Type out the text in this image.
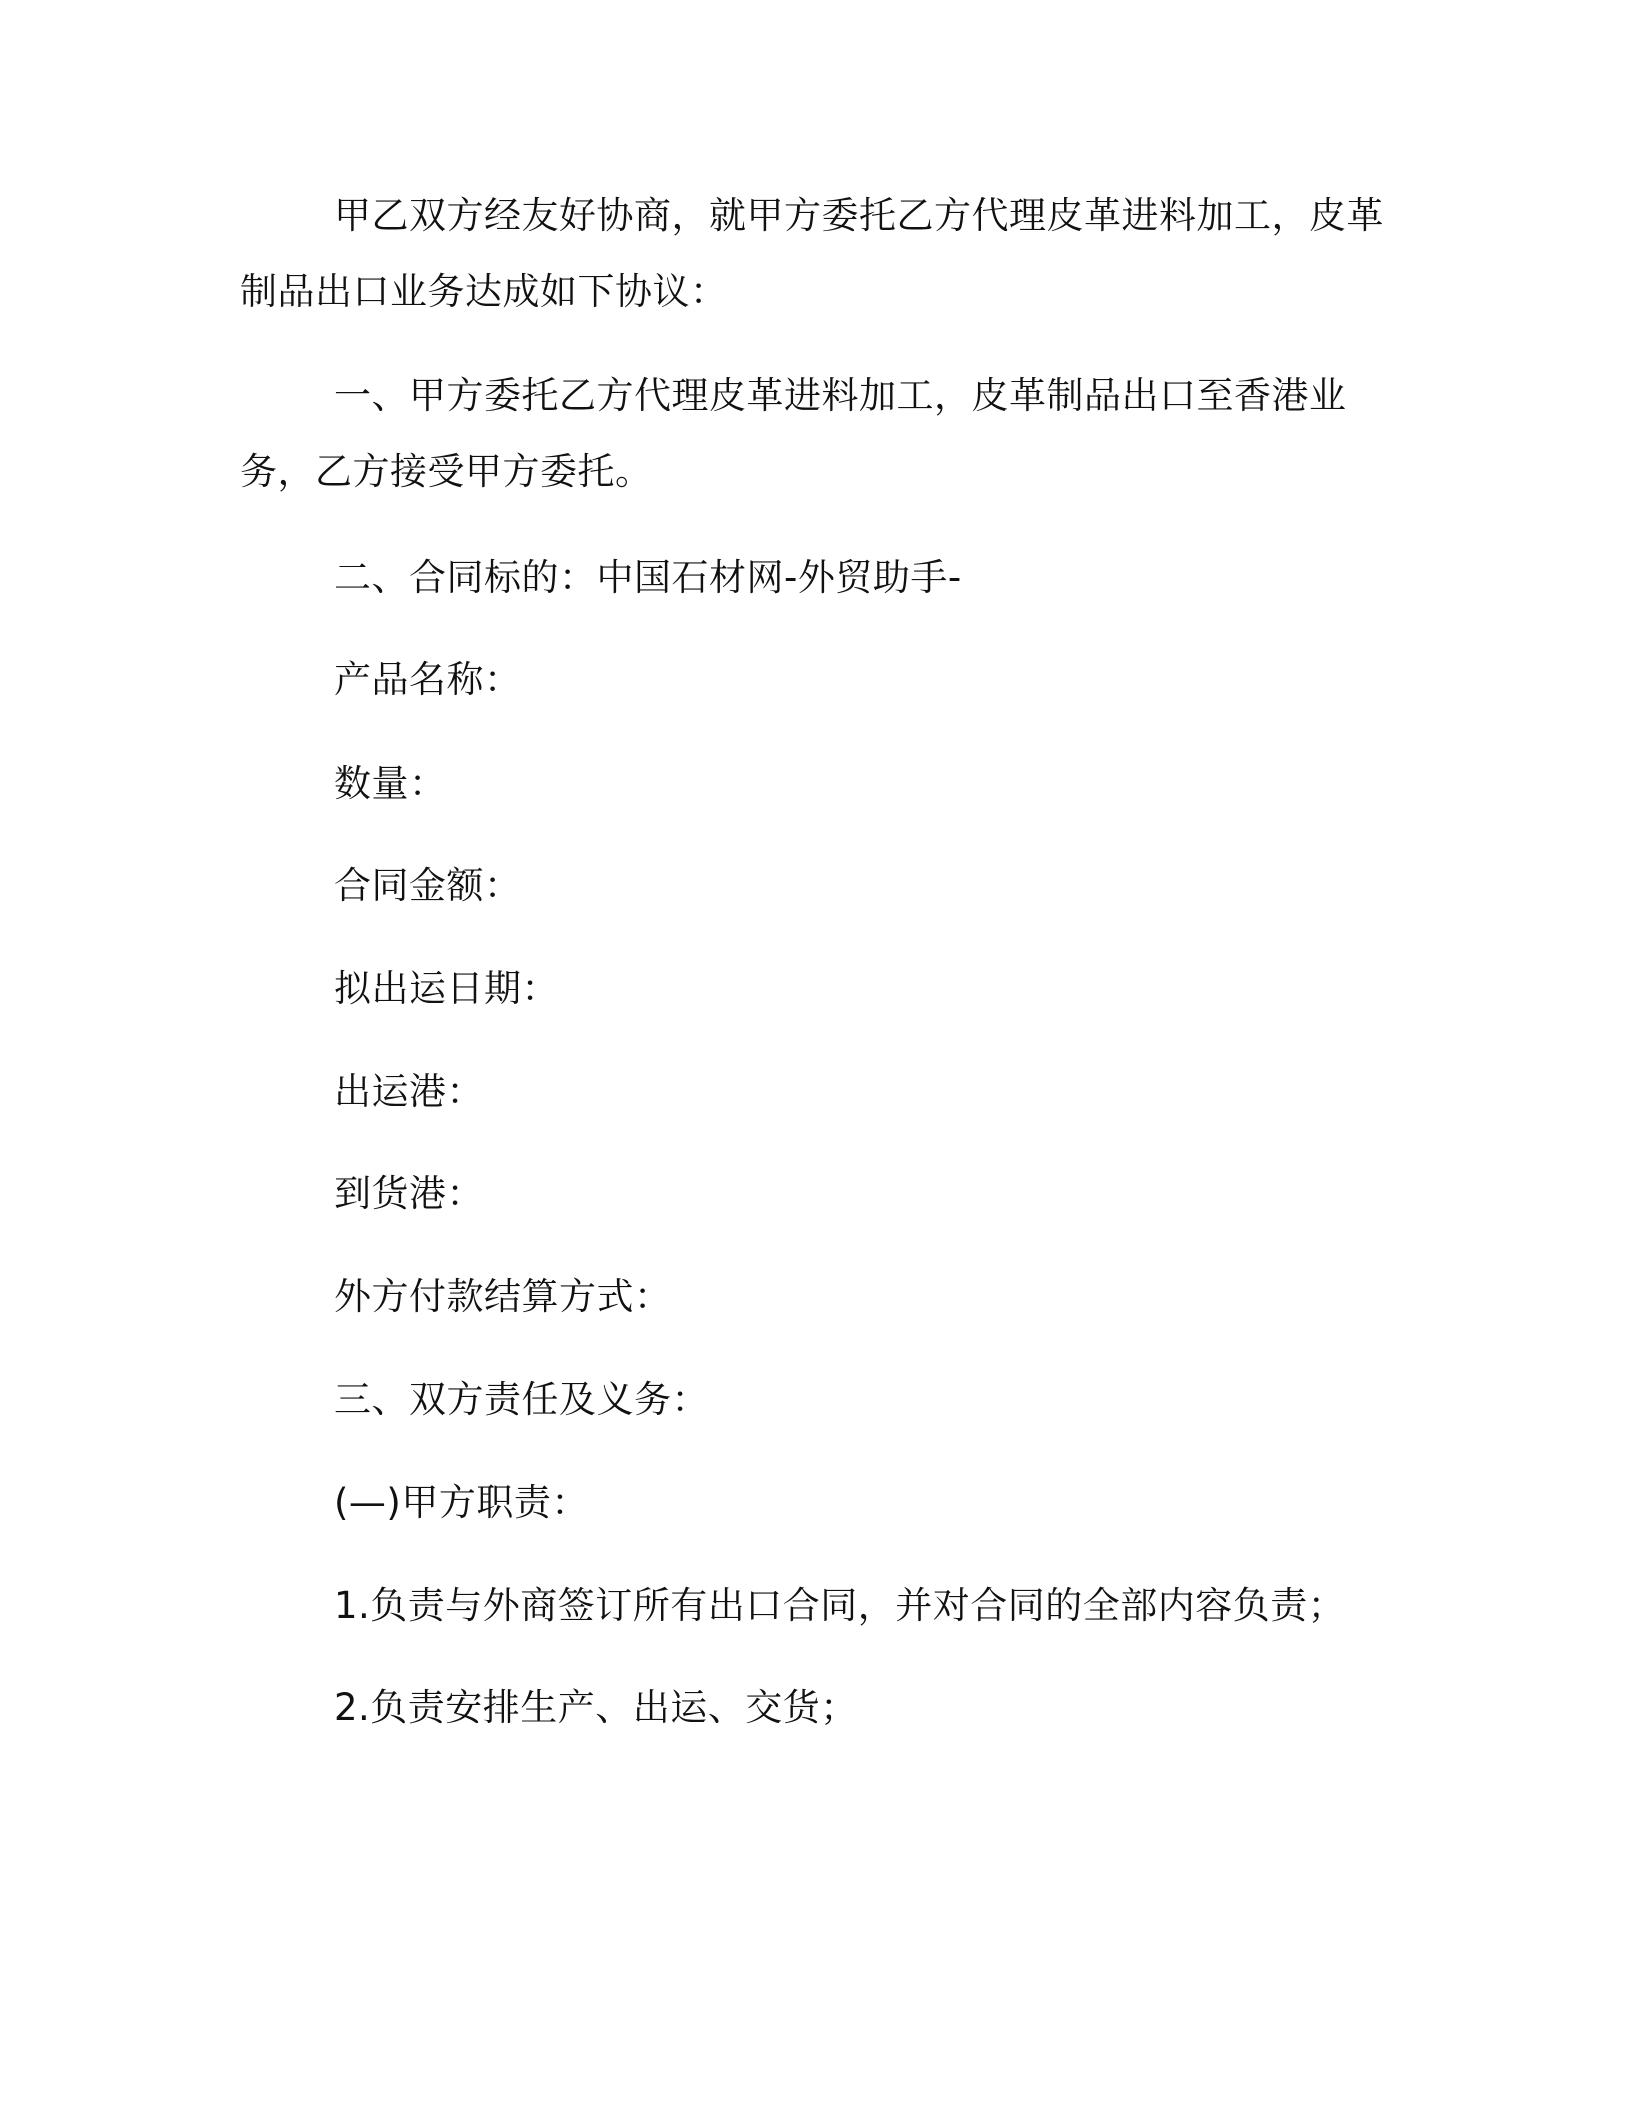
甲乙双方经友好协商，就甲方委托乙方代理皮革进料加工，皮革制品出口业务达成如下协议：

一、甲方委托乙方代理皮革进料加工，皮革制品出口至香港业务，乙方接受甲方委托。

二、合同标的：中国石材网-外贸助手-

产品名称：

数量：

合同金额：

拟出运日期：

出运港：

到货港：

外方付款结算方式：

三、双方责任及义务：

(—)甲方职责：

1.负责与外商签订所有出口合同，并对合同的全部内容负责；

2.负责安排生产、出运、交货；
